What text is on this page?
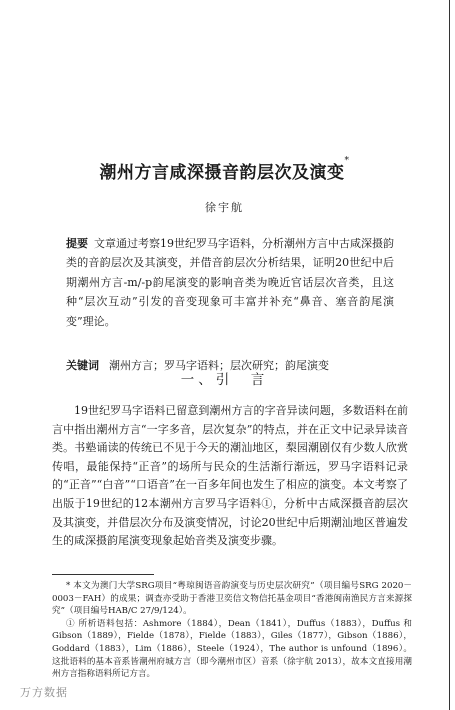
潮州方言咸深摄音韵层次及演变*
徐宇航
提要 文章通过考察19世纪罗马字语料，分析潮州方言中古咸深摄韵类的音韵层次及其演变，并借音韵层次分析结果，证明20世纪中后期潮州方言-m/-p韵尾演变的影响音类为晚近官话层次音类，且这种“层次互动”引发的音变现象可丰富并补充“鼻音、塞音韵尾演变”理论。
关键词 潮州方言；罗马字语料；层次研究；韵尾演变
一、引　言
19世纪罗马字语料已留意到潮州方言的字音异读问题，多数语料在前言中指出潮州方言“一字多音，层次复杂”的特点，并在正文中记录异读音类。书塾诵读的传统已不见于今天的潮汕地区，梨园潮剧仅有少数人欣赏传唱，最能保持“正音”的场所与民众的生活渐行渐远，罗马字语料记录的“正音”“白音”“口语音”在一百多年间也发生了相应的演变。本文考察了出版于19世纪的12本潮州方言罗马字语料①，分析中古咸深摄音韵层次及其演变，并借层次分布及演变情况，讨论20世纪中后期潮汕地区普遍发生的咸深摄韵尾演变现象起始音类及演变步骤。

* 本文为澳门大学SRG项目“粤琼闽语音韵演变与历史层次研究”（项目编号SRG 2020－0003－FAH）的成果；调查亦受助于香港卫奕信文物信托基金项目“香港闽南渔民方言来源探究”（项目编号HAB/C 27/9/124）。

① 所析语料包括：Ashmore（1884），Dean（1841），Duffus（1883），Duffus 和 Gibson（1889），Fielde（1878），Fielde（1883），Giles（1877），Gibson（1886），Goddard（1883），Lim（1886），Steele（1924），The author is unfound（1896）。这批语料的基本音系皆潮州府城方言（即今潮州市区）音系（徐宇航 2013），故本文直接用潮州方言指称语料所记方言。

万方数据
